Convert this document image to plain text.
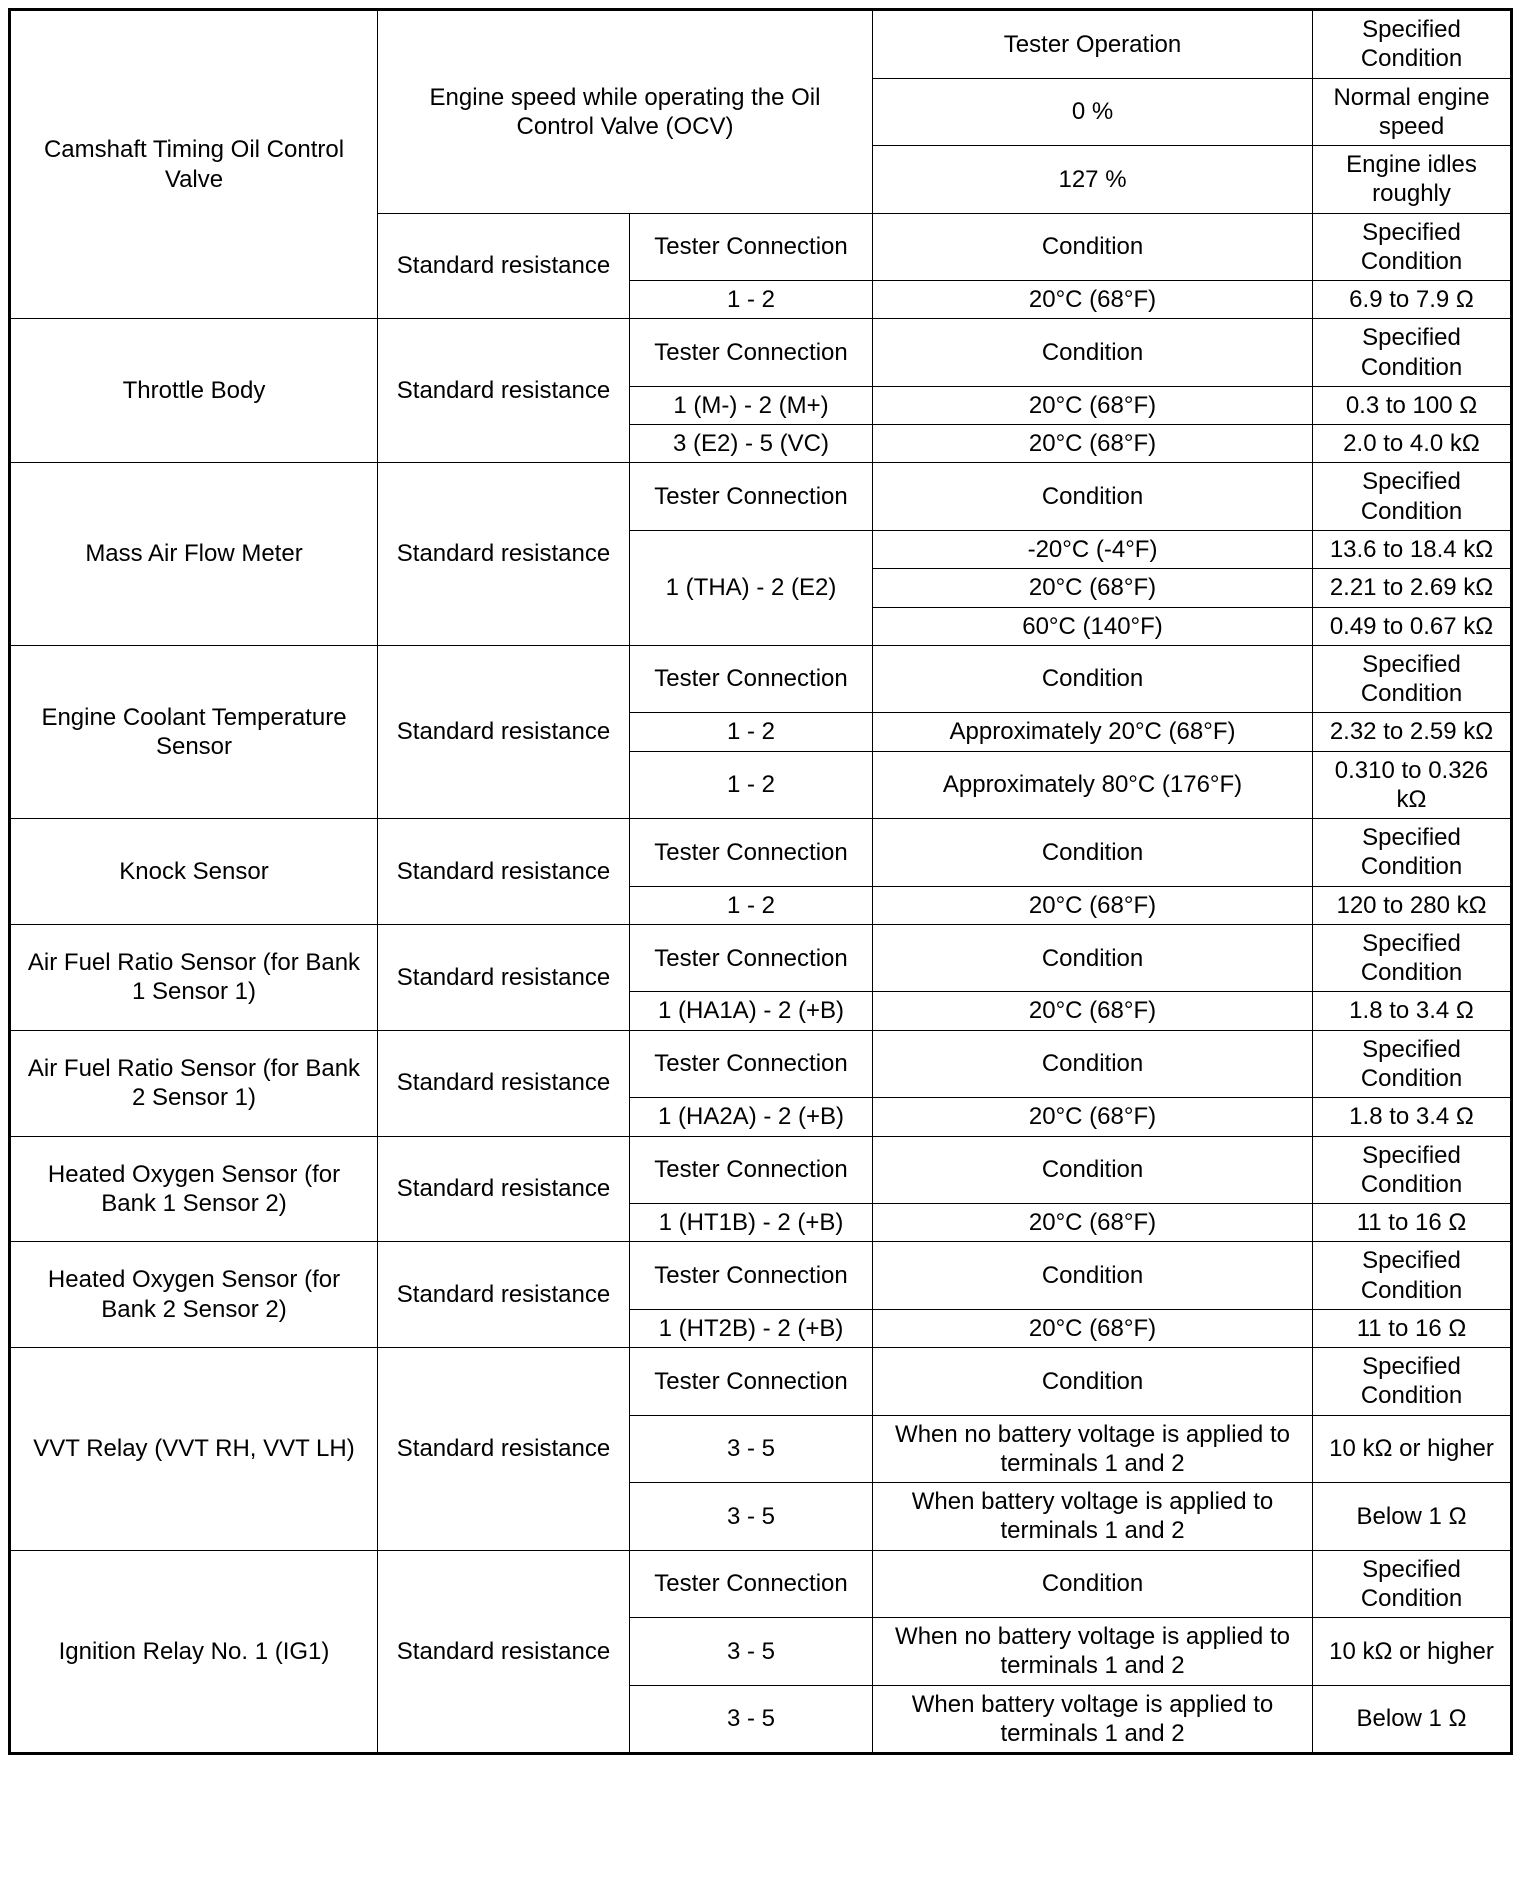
Camshaft Timing Oil Control Valve	Engine speed while operating the Oil Control Valve (OCV)		Tester Operation	Specified Condition
			0 %	Normal engine speed
			127 %	Engine idles roughly
	Standard resistance	Tester Connection	Condition	Specified Condition
		1 - 2	20°C (68°F)	6.9 to 7.9 Ω
Throttle Body	Standard resistance	Tester Connection	Condition	Specified Condition
		1 (M-) - 2 (M+)	20°C (68°F)	0.3 to 100 Ω
		3 (E2) - 5 (VC)	20°C (68°F)	2.0 to 4.0 kΩ
Mass Air Flow Meter	Standard resistance	Tester Connection	Condition	Specified Condition
		1 (THA) - 2 (E2)	-20°C (-4°F)	13.6 to 18.4 kΩ
			20°C (68°F)	2.21 to 2.69 kΩ
			60°C (140°F)	0.49 to 0.67 kΩ
Engine Coolant Temperature Sensor	Standard resistance	Tester Connection	Condition	Specified Condition
		1 - 2	Approximately 20°C (68°F)	2.32 to 2.59 kΩ
		1 - 2	Approximately 80°C (176°F)	0.310 to 0.326 kΩ
Knock Sensor	Standard resistance	Tester Connection	Condition	Specified Condition
		1 - 2	20°C (68°F)	120 to 280 kΩ
Air Fuel Ratio Sensor (for Bank 1 Sensor 1)	Standard resistance	Tester Connection	Condition	Specified Condition
		1 (HA1A) - 2 (+B)	20°C (68°F)	1.8 to 3.4 Ω
Air Fuel Ratio Sensor (for Bank 2 Sensor 1)	Standard resistance	Tester Connection	Condition	Specified Condition
		1 (HA2A) - 2 (+B)	20°C (68°F)	1.8 to 3.4 Ω
Heated Oxygen Sensor (for Bank 1 Sensor 2)	Standard resistance	Tester Connection	Condition	Specified Condition
		1 (HT1B) - 2 (+B)	20°C (68°F)	11 to 16 Ω
Heated Oxygen Sensor (for Bank 2 Sensor 2)	Standard resistance	Tester Connection	Condition	Specified Condition
		1 (HT2B) - 2 (+B)	20°C (68°F)	11 to 16 Ω
VVT Relay (VVT RH, VVT LH)	Standard resistance	Tester Connection	Condition	Specified Condition
		3 - 5	When no battery voltage is applied to terminals 1 and 2	10 kΩ or higher
		3 - 5	When battery voltage is applied to terminals 1 and 2	Below 1 Ω
Ignition Relay No. 1 (IG1)	Standard resistance	Tester Connection	Condition	Specified Condition
		3 - 5	When no battery voltage is applied to terminals 1 and 2	10 kΩ or higher
		3 - 5	When battery voltage is applied to terminals 1 and 2	Below 1 Ω
